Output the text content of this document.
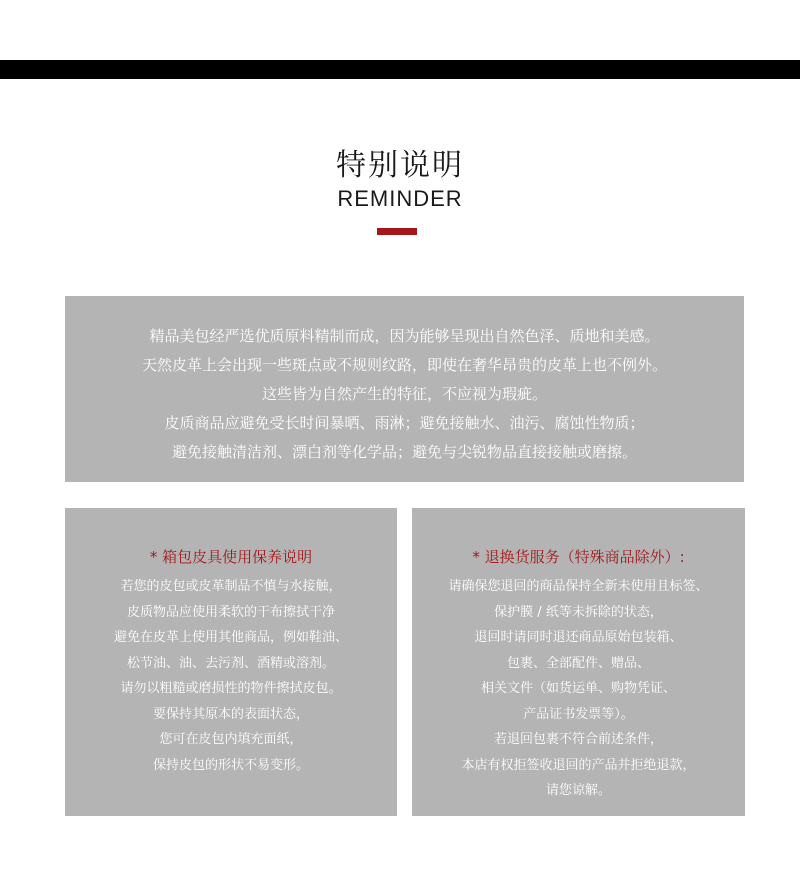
特别说明
REMINDER
精品美包经严选优质原料精制而成，因为能够呈现出自然色泽、质地和美感。
天然皮革上会出现一些斑点或不规则纹路，即使在奢华昂贵的皮革上也不例外。
这些皆为自然产生的特征，不应视为瑕疵。
皮质商品应避免受长时间暴晒、雨淋；避免接触水、油污、腐蚀性物质；
避免接触清洁剂、漂白剂等化学品；避免与尖锐物品直接接触或磨擦。
* 箱包皮具使用保养说明
若您的皮包或皮革制品不慎与水接触，
皮质物品应使用柔软的干布擦拭干净
避免在皮革上使用其他商品，例如鞋油、
松节油、油、去污剂、酒精或溶剂。
请勿以粗糙或磨损性的物件擦拭皮包。
要保持其原本的表面状态，
您可在皮包内填充面纸，
保持皮包的形状不易变形。
* 退换货服务（特殊商品除外）:
请确保您退回的商品保持全新未使用且标签、
保护膜 / 纸等未拆除的状态，
退回时请同时退还商品原始包装箱、
包裹、全部配件、赠品、
相关文件（如货运单、购物凭证、
产品证书发票等）。
若退回包裹不符合前述条件，
本店有权拒签收退回的产品并拒绝退款，
请您谅解。
